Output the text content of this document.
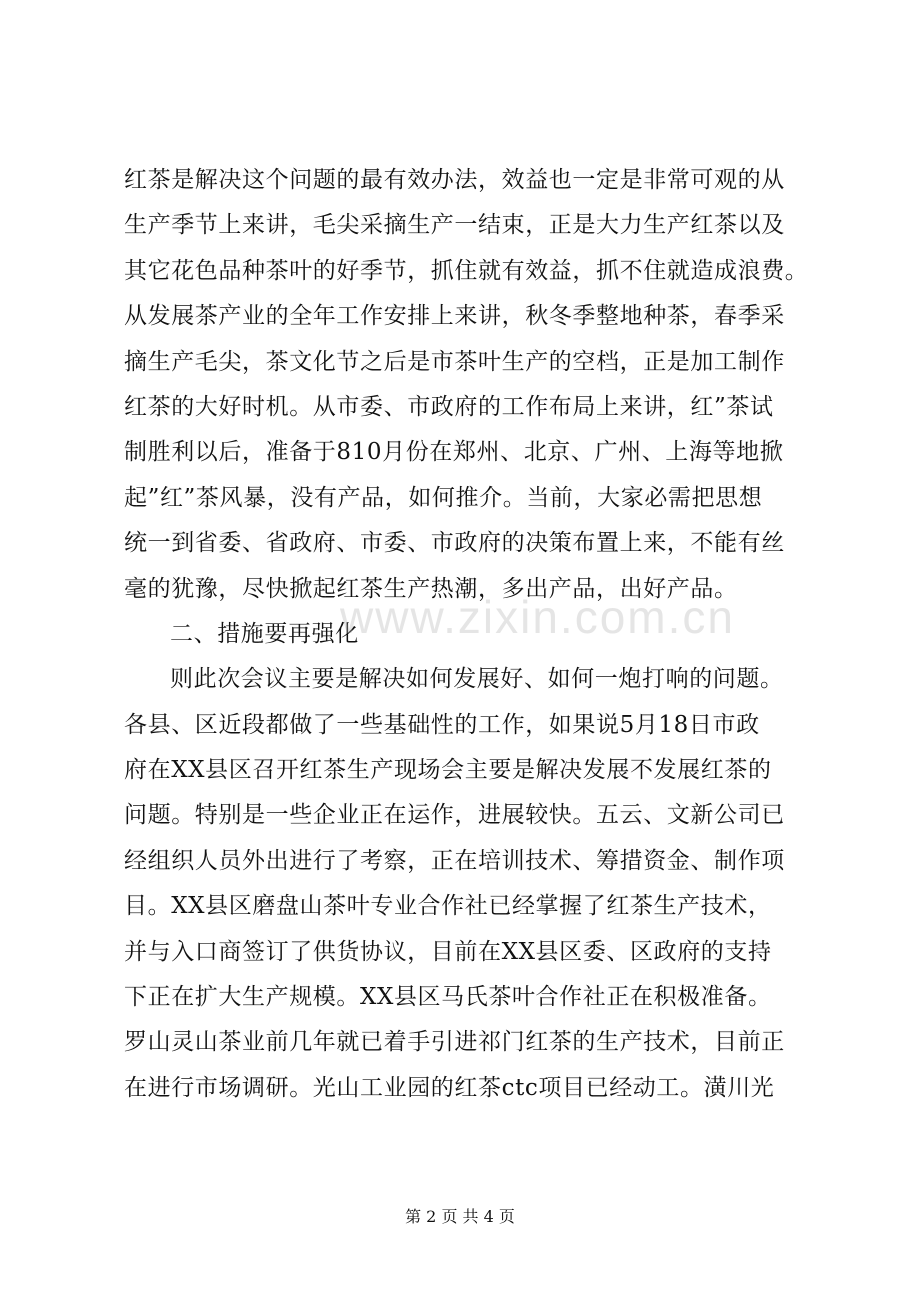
红茶是解决这个问题的最有效办法，效益也一定是非常可观的从
生产季节上来讲，毛尖采摘生产一结束，正是大力生产红茶以及
其它花色品种茶叶的好季节，抓住就有效益，抓不住就造成浪费。
从发展茶产业的全年工作安排上来讲，秋冬季整地种茶，春季采
摘生产毛尖，茶文化节之后是市茶叶生产的空档，正是加工制作
红茶的大好时机。从市委、市政府的工作布局上来讲，红”茶试
制胜利以后，准备于810月份在郑州、北京、广州、上海等地掀
起”红”茶风暴，没有产品，如何推介。当前，大家必需把思想
统一到省委、省政府、市委、市政府的决策布置上来，不能有丝
毫的犹豫，尽快掀起红茶生产热潮，多出产品，出好产品。
二、措施要再强化
则此次会议主要是解决如何发展好、如何一炮打响的问题。
各县、区近段都做了一些基础性的工作，如果说5月18日市政
府在XX县区召开红茶生产现场会主要是解决发展不发展红茶的
问题。特别是一些企业正在运作，进展较快。五云、文新公司已
经组织人员外出进行了考察，正在培训技术、筹措资金、制作项
目。XX县区磨盘山茶叶专业合作社已经掌握了红茶生产技术，
并与入口商签订了供货协议，目前在XX县区委、区政府的支持
下正在扩大生产规模。XX县区马氏茶叶合作社正在积极准备。
罗山灵山茶业前几年就已着手引进祁门红茶的生产技术，目前正
在进行市场调研。光山工业园的红茶ctc项目已经动工。潢川光
www.zixin.com.cn
第 2 页 共 4 页
